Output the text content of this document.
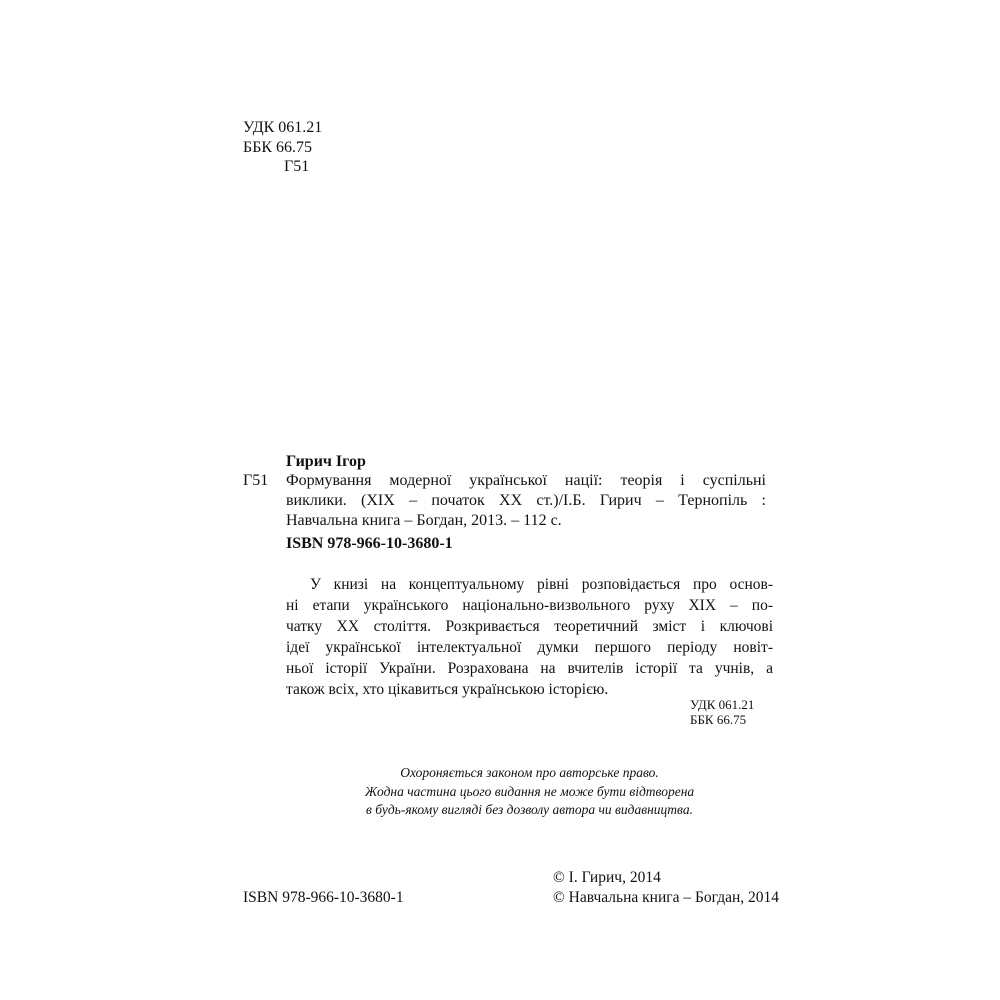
УДК 061.21
ББК 66.75
Г51
Гирич Ігор
Г51 Формування модерної української нації: теорія і суспільні
виклики. (XIX – початок XX ст.)/І.Б. Гирич – Тернопіль :
Навчальна книга – Богдан, 2013. – 112 с.
ISBN 978-966-10-3680-1
У книзі на концептуальному рівні розповідається про основ-
ні етапи українського національно-визвольного руху XIX – по-
чатку XX століття. Розкривається теоретичний зміст і ключові
ідеї української інтелектуальної думки першого періоду новіт-
ньої історії України. Розрахована на вчителів історії та учнів, а
також всіх, хто цікавиться українською історією.
УДК 061.21
ББК 66.75
Охороняється законом про авторське право.
Жодна частина цього видання не може бути відтворена
в будь-якому вигляді без дозволу автора чи видавництва.
ISBN 978-966-10-3680-1
© І. Гирич, 2014
© Навчальна книга – Богдан, 2014
